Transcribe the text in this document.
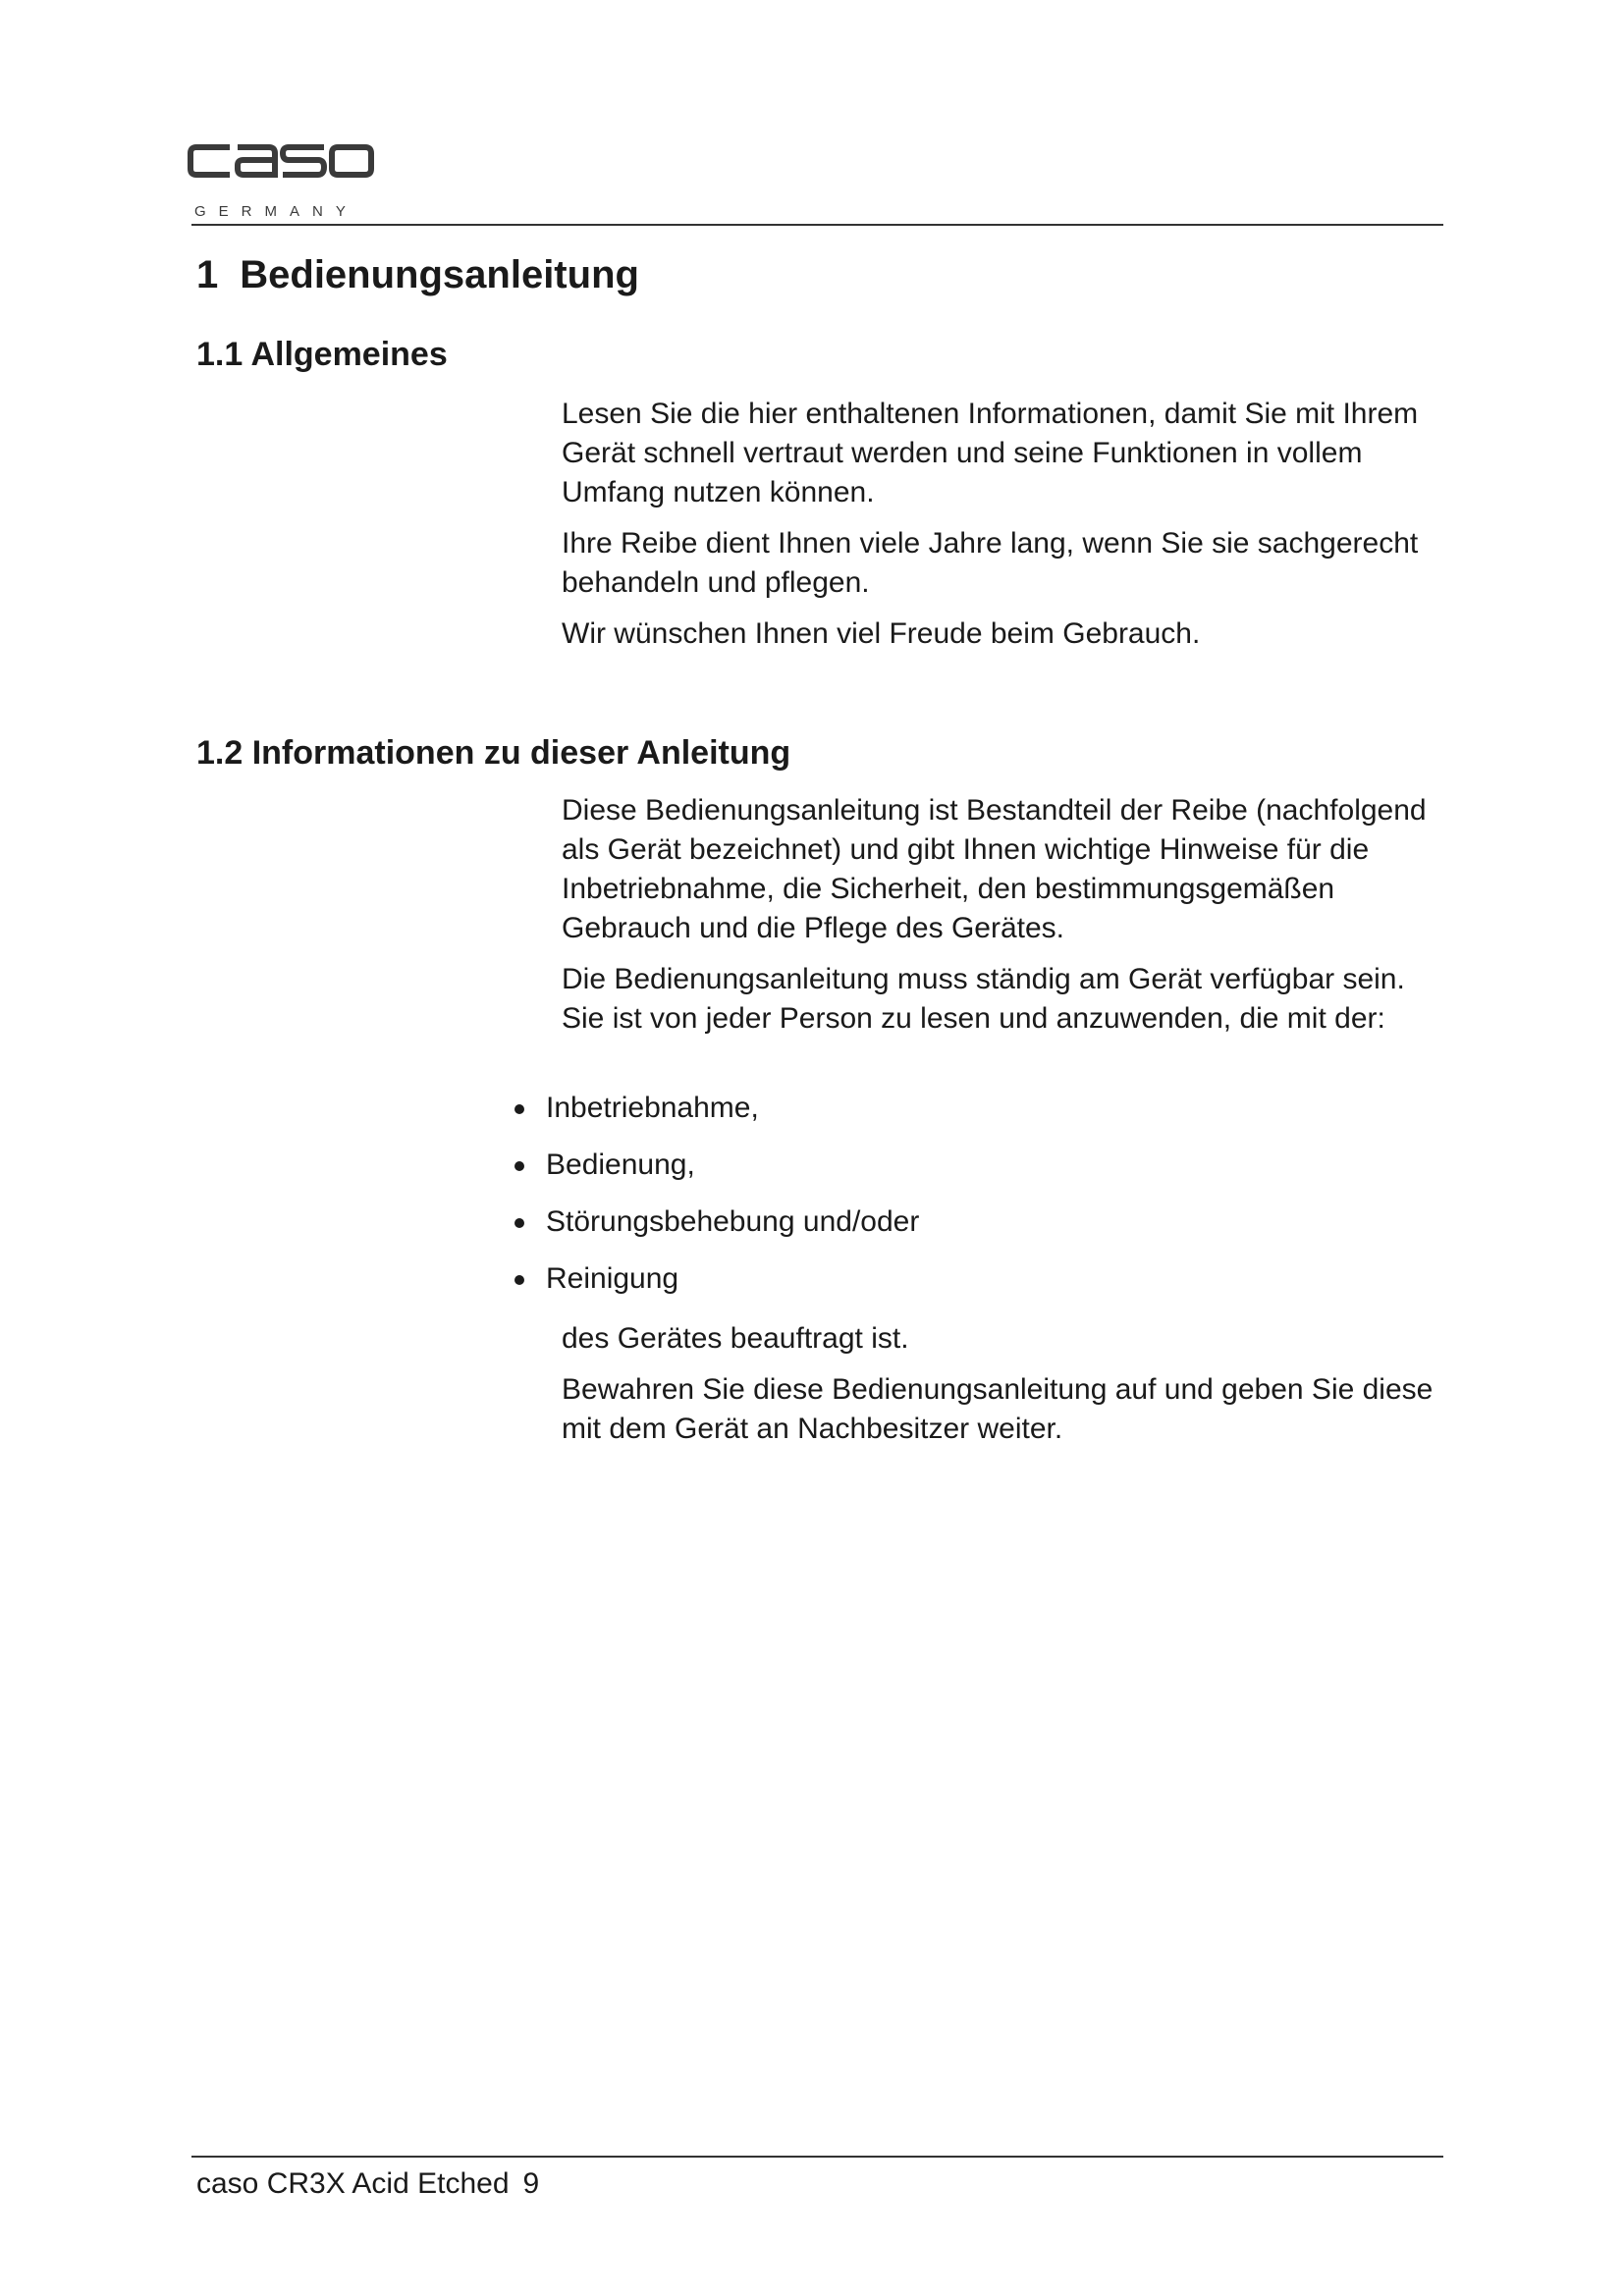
GERMANY
1 Bedienungsanleitung
1.1 Allgemeines

Lesen Sie die hier enthaltenen Informationen, damit Sie mit Ihrem Gerät schnell vertraut werden und seine Funktionen in vollem Umfang nutzen können.

Ihre Reibe dient Ihnen viele Jahre lang, wenn Sie sie sachgerecht behandeln und pflegen.

Wir wünschen Ihnen viel Freude beim Gebrauch.

1.2 Informationen zu dieser Anleitung

Diese Bedienungsanleitung ist Bestandteil der Reibe (nachfolgend als Gerät bezeichnet) und gibt Ihnen wichtige Hinweise für die Inbetriebnahme, die Sicherheit, den bestimmungsgemäßen Gebrauch und die Pflege des Gerätes.

Die Bedienungsanleitung muss ständig am Gerät verfügbar sein. Sie ist von jeder Person zu lesen und anzuwenden, die mit der:

Inbetriebnahme,
Bedienung,
Störungsbehebung und/oder
Reinigung

des Gerätes beauftragt ist.

Bewahren Sie diese Bedienungsanleitung auf und geben Sie diese mit dem Gerät an Nachbesitzer weiter.

caso CR3X Acid Etched 9
